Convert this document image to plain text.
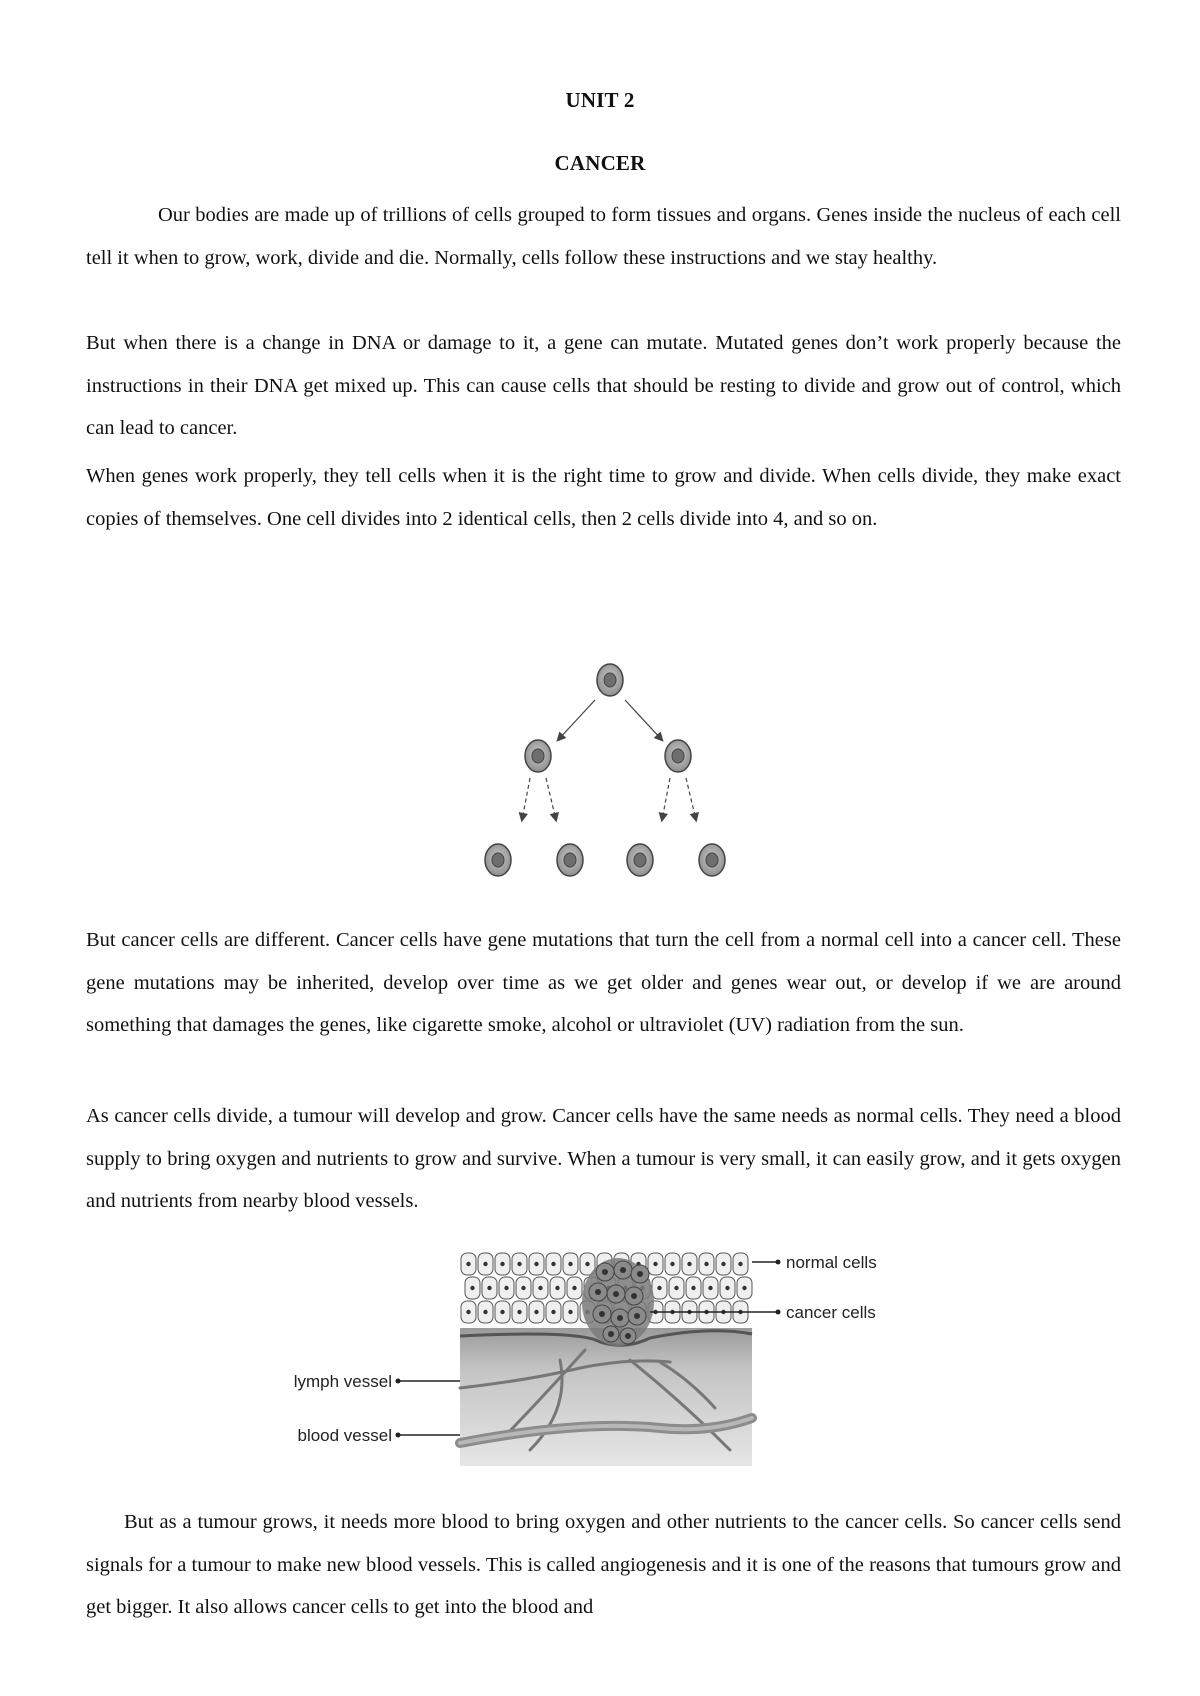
UNIT 2
CANCER

Our bodies are made up of trillions of cells grouped to form tissues and organs. Genes inside the nucleus of each cell tell it when to grow, work, divide and die. Normally, cells follow these instructions and we stay healthy.

But when there is a change in DNA or damage to it, a gene can mutate. Mutated genes don’t work properly because the instructions in their DNA get mixed up. This can cause cells that should be resting to divide and grow out of control, which can lead to cancer.

When genes work properly, they tell cells when it is the right time to grow and divide. When cells divide, they make exact copies of themselves. One cell divides into 2 identical cells, then 2 cells divide into 4, and so on.

But cancer cells are different. Cancer cells have gene mutations that turn the cell from a normal cell into a cancer cell. These gene mutations may be inherited, develop over time as we get older and genes wear out, or develop if we are around something that damages the genes, like cigarette smoke, alcohol or ultraviolet (UV) radiation from the sun.

As cancer cells divide, a tumour will develop and grow. Cancer cells have the same needs as normal cells. They need a blood supply to bring oxygen and nutrients to grow and survive. When a tumour is very small, it can easily grow, and it gets oxygen and nutrients from nearby blood vessels.

normal cells
cancer cells
lymph vessel
blood vessel

But as a tumour grows, it needs more blood to bring oxygen and other nutrients to the cancer cells. So cancer cells send signals for a tumour to make new blood vessels. This is called angiogenesis and it is one of the reasons that tumours grow and get bigger. It also allows cancer cells to get into the blood and
